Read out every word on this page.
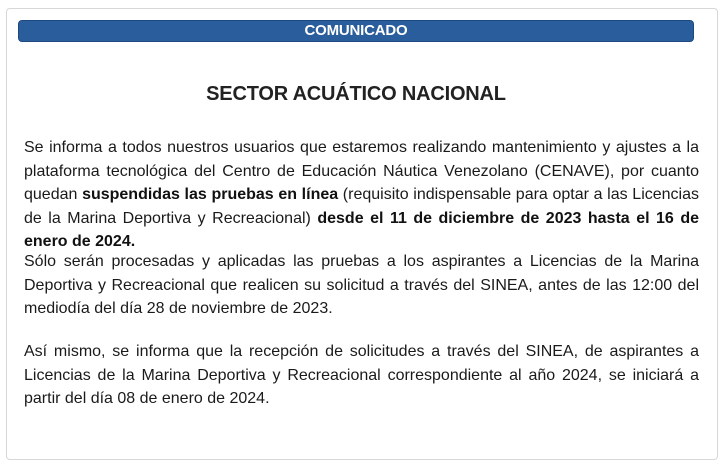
COMUNICADO
SECTOR ACUÁTICO NACIONAL

Se informa a todos nuestros usuarios que estaremos realizando mantenimiento y ajustes a la plataforma tecnológica del Centro de Educación Náutica Venezolano (CENAVE), por cuanto quedan suspendidas las pruebas en línea (requisito indispensable para optar a las Licencias de la Marina Deportiva y Recreacional) desde el 11 de diciembre de 2023 hasta el 16 de enero de 2024.

Sólo serán procesadas y aplicadas las pruebas a los aspirantes a Licencias de la Marina Deportiva y Recreacional que realicen su solicitud a través del SINEA, antes de las 12:00 del mediodía del día 28 de noviembre de 2023.

Así mismo, se informa que la recepción de solicitudes a través del SINEA, de aspirantes a Licencias de la Marina Deportiva y Recreacional correspondiente al año 2024, se iniciará a partir del día 08 de enero de 2024.
